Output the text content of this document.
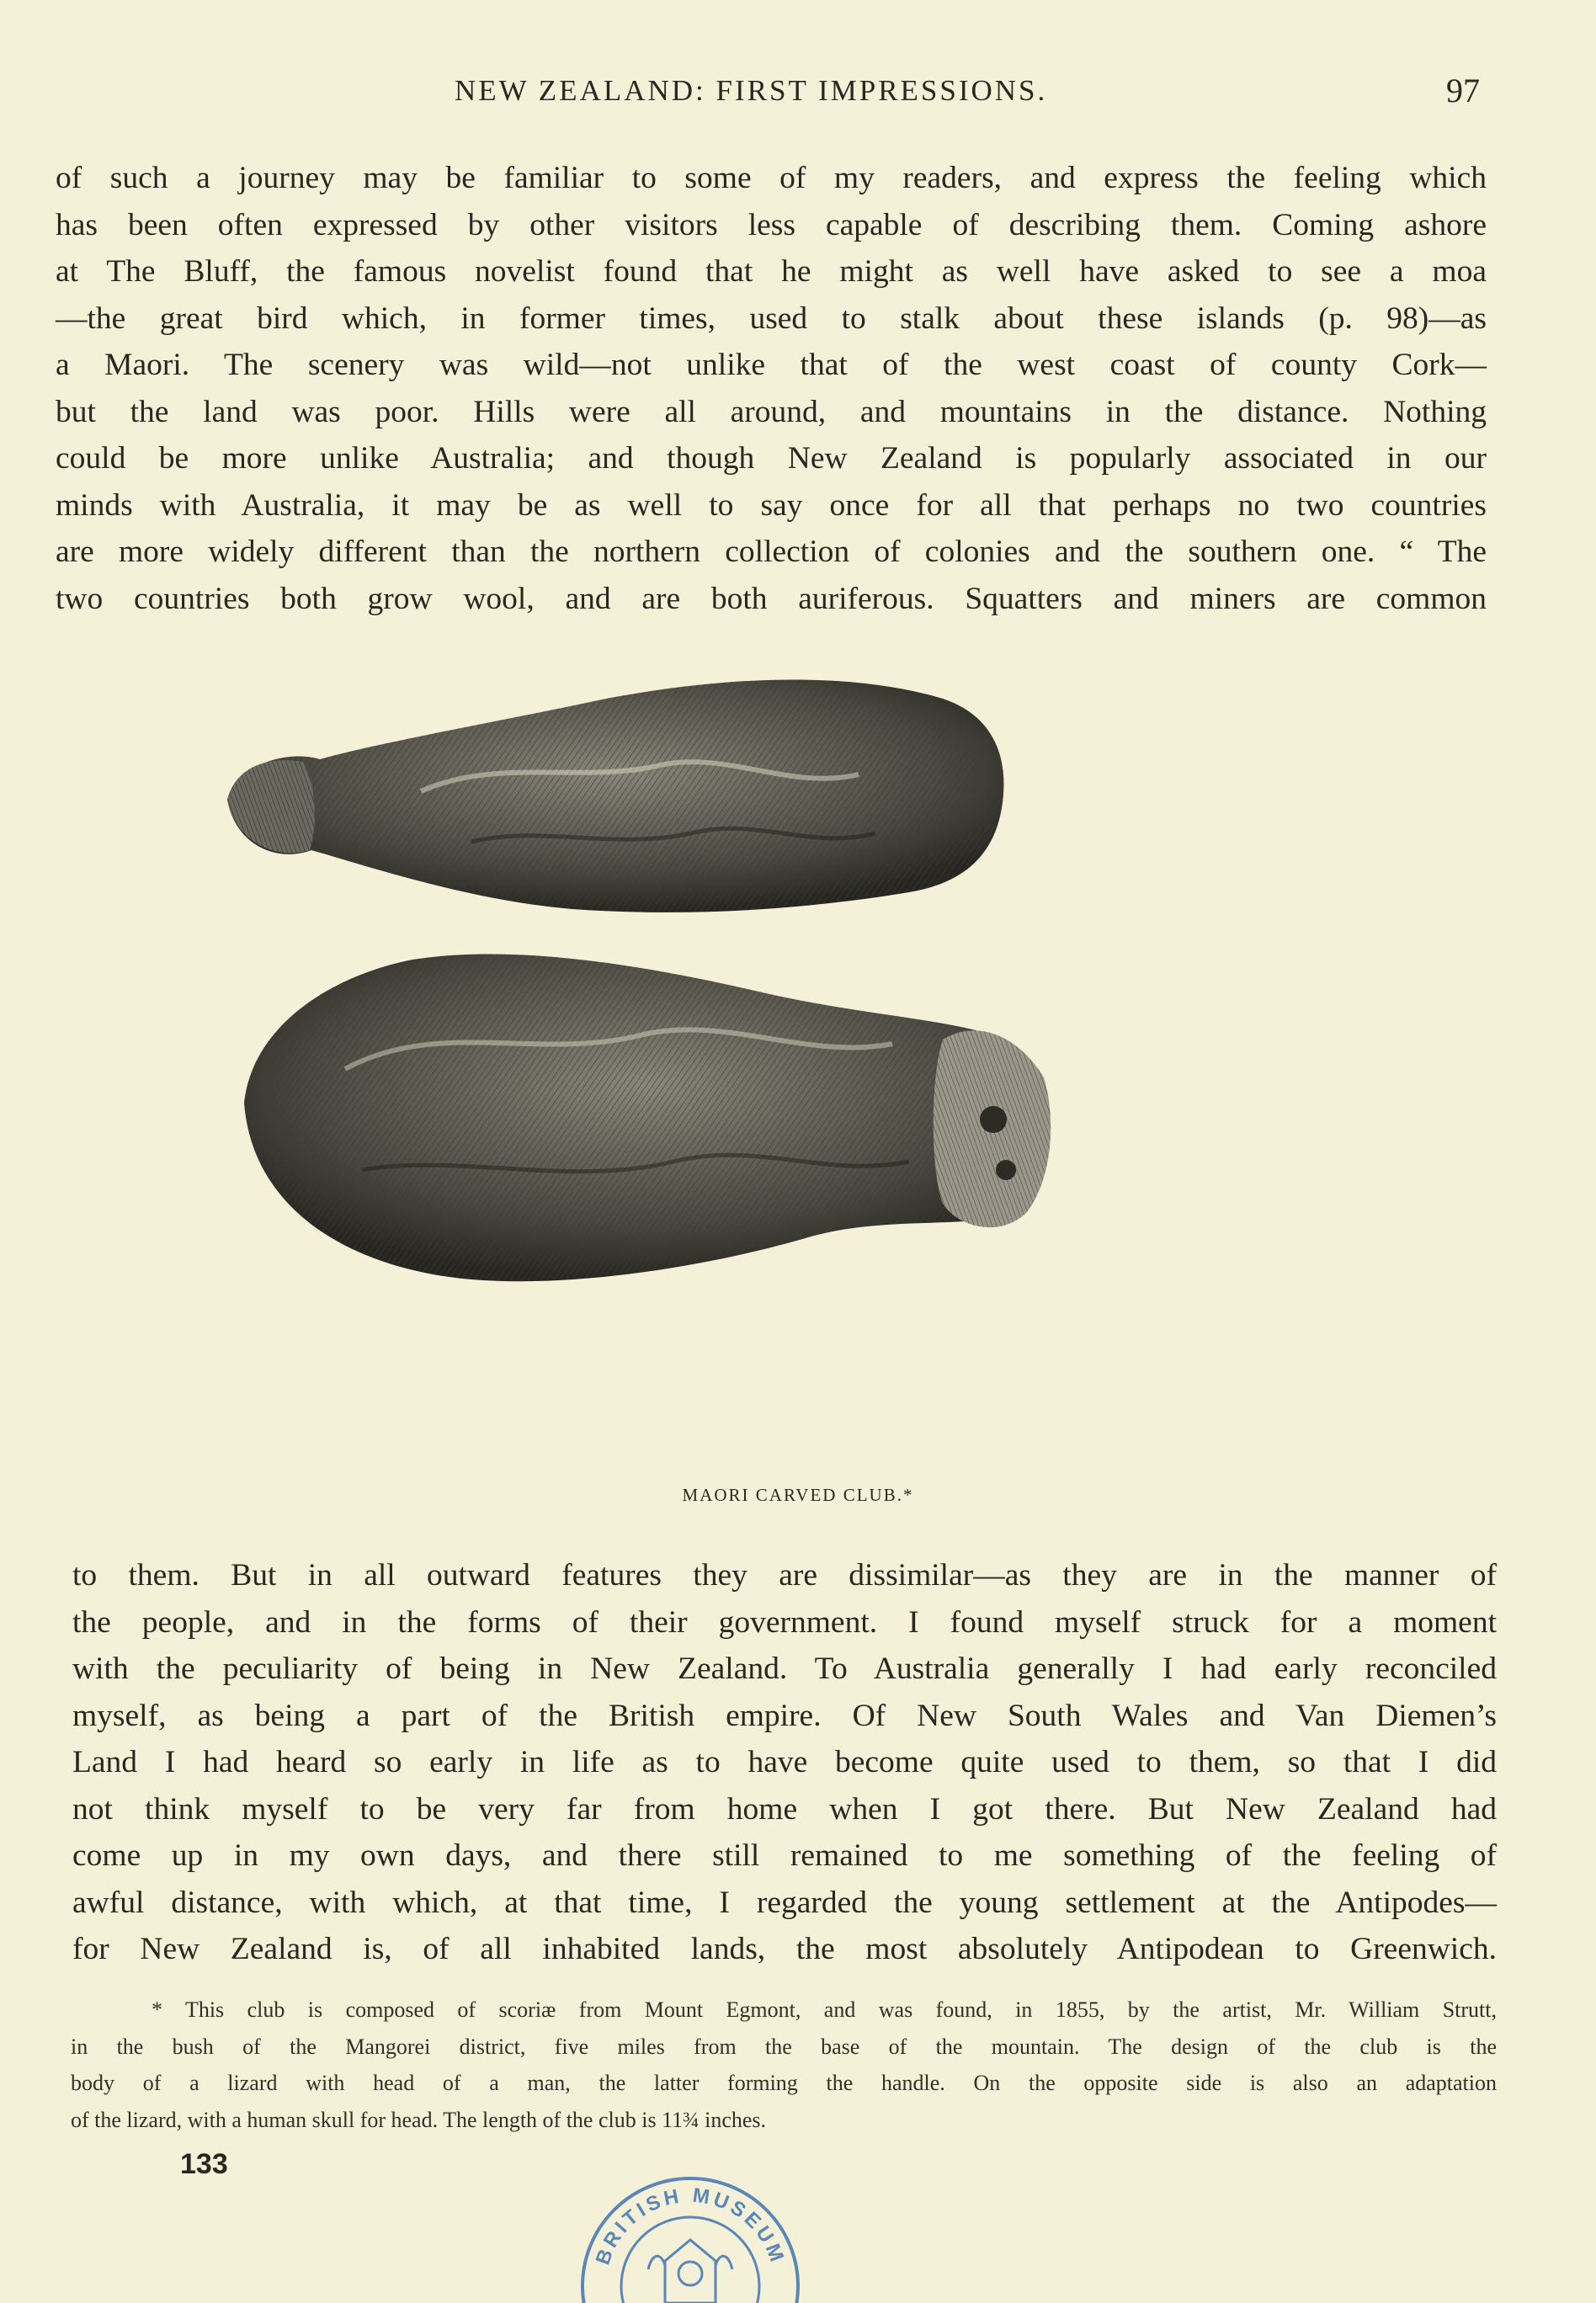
NEW ZEALAND: FIRST IMPRESSIONS.	97
of such a journey may be familiar to some of my readers, and express the feeling which
has been often expressed by other visitors less capable of describing them. Coming ashore
at The Bluff, the famous novelist found that he might as well have asked to see a moa
—the great bird which, in former times, used to stalk about these islands (p. 98)—as
a Maori. The scenery was wild—not unlike that of the west coast of county Cork—
but the land was poor. Hills were all around, and mountains in the distance. Nothing
could be more unlike Australia; and though New Zealand is popularly associated in our
minds with Australia, it may be as well to say once for all that perhaps no two countries
are more widely different than the northern collection of colonies and the southern one. “ The
two countries both grow wool, and are both auriferous. Squatters and miners are common
MAORI CARVED CLUB.*
to them. But in all outward features they are dissimilar—as they are in the manner of
the people, and in the forms of their government. I found myself struck for a moment
with the peculiarity of being in New Zealand. To Australia generally I had early reconciled
myself, as being a part of the British empire. Of New South Wales and Van Diemen’s
Land I had heard so early in life as to have become quite used to them, so that I did
not think myself to be very far from home when I got there. But New Zealand had
come up in my own days, and there still remained to me something of the feeling of
awful distance, with which, at that time, I regarded the young settlement at the Antipodes—
for New Zealand is, of all inhabited lands, the most absolutely Antipodean to Greenwich.
* This club is composed of scoriæ from Mount Egmont, and was found, in 1855, by the artist, Mr. William Strutt,
in the bush of the Mangorei district, five miles from the base of the mountain. The design of the club is the
body of a lizard with head of a man, the latter forming the handle. On the opposite side is also an adaptation
of the lizard, with a human skull for head. The length of the club is 11¾ inches.
133
BRITISH MUSEUM
